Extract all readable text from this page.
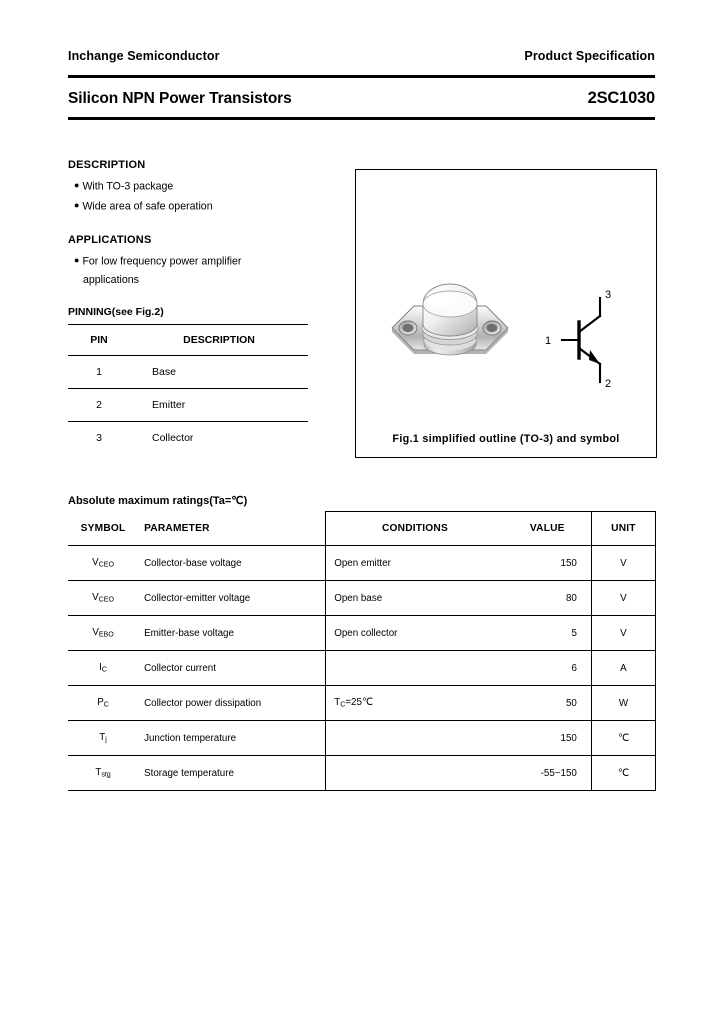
Inchange Semiconductor	Product Specification
Silicon NPN Power Transistors	2SC1030
DESCRIPTION
● With TO-3 package
● Wide area of safe operation
APPLICATIONS
● For low frequency power amplifier
applications
PINNING(see Fig.2)
PIN	DESCRIPTION
1	Base
2	Emitter
3	Collector
1
3
2
Fig.1 simplified outline (TO-3) and symbol
Absolute maximum ratings(Ta=℃)
SYMBOL	PARAMETER	CONDITIONS	VALUE	UNIT
$V_{CEO}$	Collector-base voltage	Open emitter	150	V
$V_{CEO}$	Collector-emitter voltage	Open base	80	V
$V_{EBO}$	Emitter-base voltage	Open collector	5	V
$I_C$	Collector current		6	A
$P_C$	Collector power dissipation	$T_C=25℃$	50	W
$T_j$	Junction temperature		150	℃
$T_{stg}$	Storage temperature		-55~150	℃
